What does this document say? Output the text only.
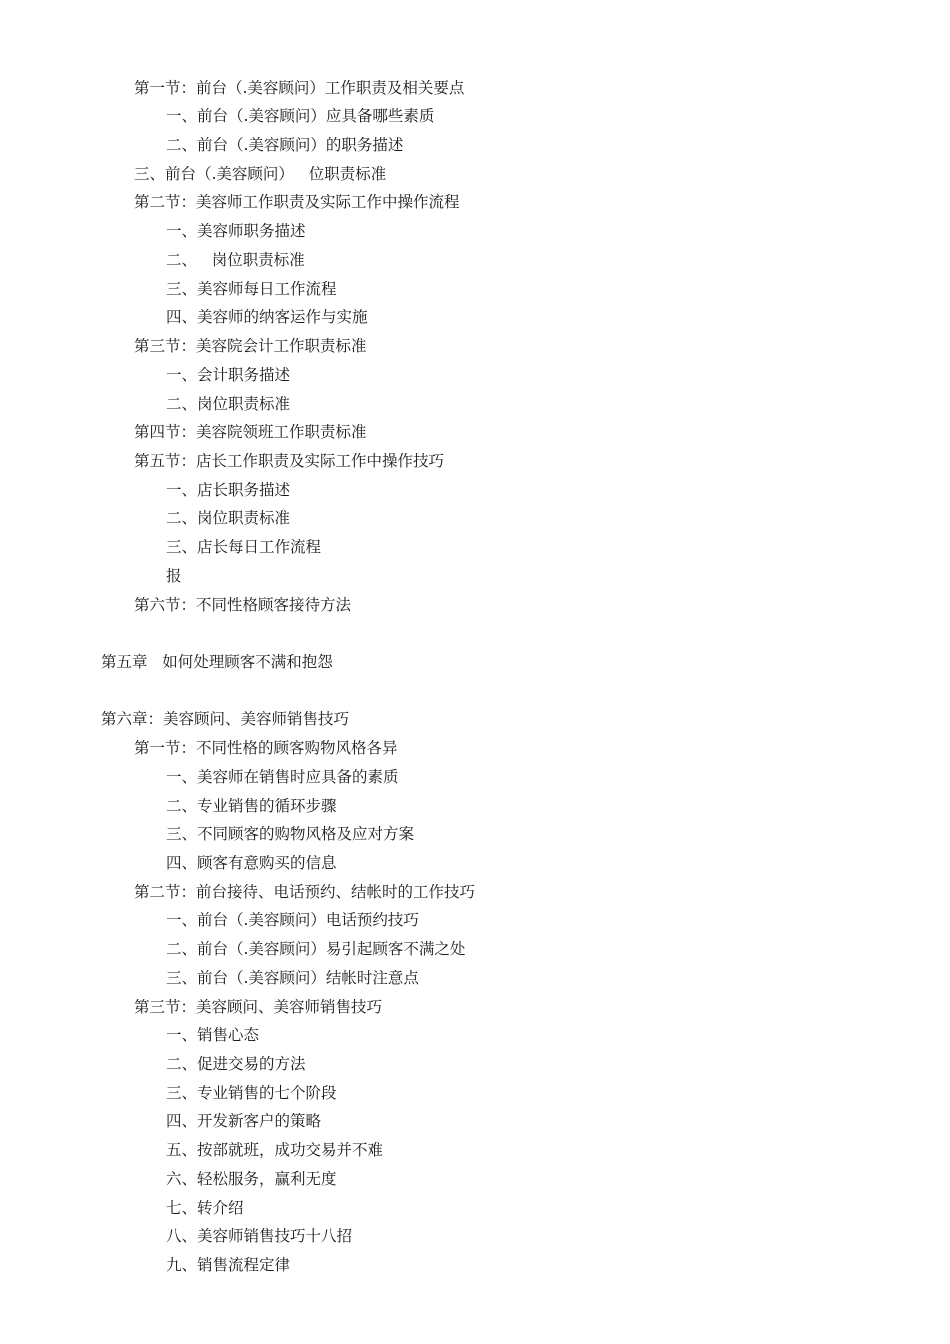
第一节：前台（.美容顾问）工作职责及相关要点
一、前台（.美容顾问）应具备哪些素质
二、前台（.美容顾问）的职务描述
三、前台（.美容顾问）   位职责标准
第二节：美容师工作职责及实际工作中操作流程
一、美容师职务描述
二、   岗位职责标准
三、美容师每日工作流程
四、美容师的纳客运作与实施
第三节：美容院会计工作职责标准
一、会计职务描述
二、岗位职责标准
第四节：美容院领班工作职责标准
第五节：店长工作职责及实际工作中操作技巧
一、店长职务描述
二、岗位职责标准
三、店长每日工作流程
报
第六节：不同性格顾客接待方法
第五章   如何处理顾客不满和抱怨
第六章：美容顾问、美容师销售技巧
第一节：不同性格的顾客购物风格各异
一、美容师在销售时应具备的素质
二、专业销售的循环步骤
三、不同顾客的购物风格及应对方案
四、顾客有意购买的信息
第二节：前台接待、电话预约、结帐时的工作技巧
一、前台（.美容顾问）电话预约技巧
二、前台（.美容顾问）易引起顾客不满之处
三、前台（.美容顾问）结帐时注意点
第三节：美容顾问、美容师销售技巧
一、销售心态
二、促进交易的方法
三、专业销售的七个阶段
四、开发新客户的策略
五、按部就班，成功交易并不难
六、轻松服务，赢利无度
七、转介绍
八、美容师销售技巧十八招
九、销售流程定律
